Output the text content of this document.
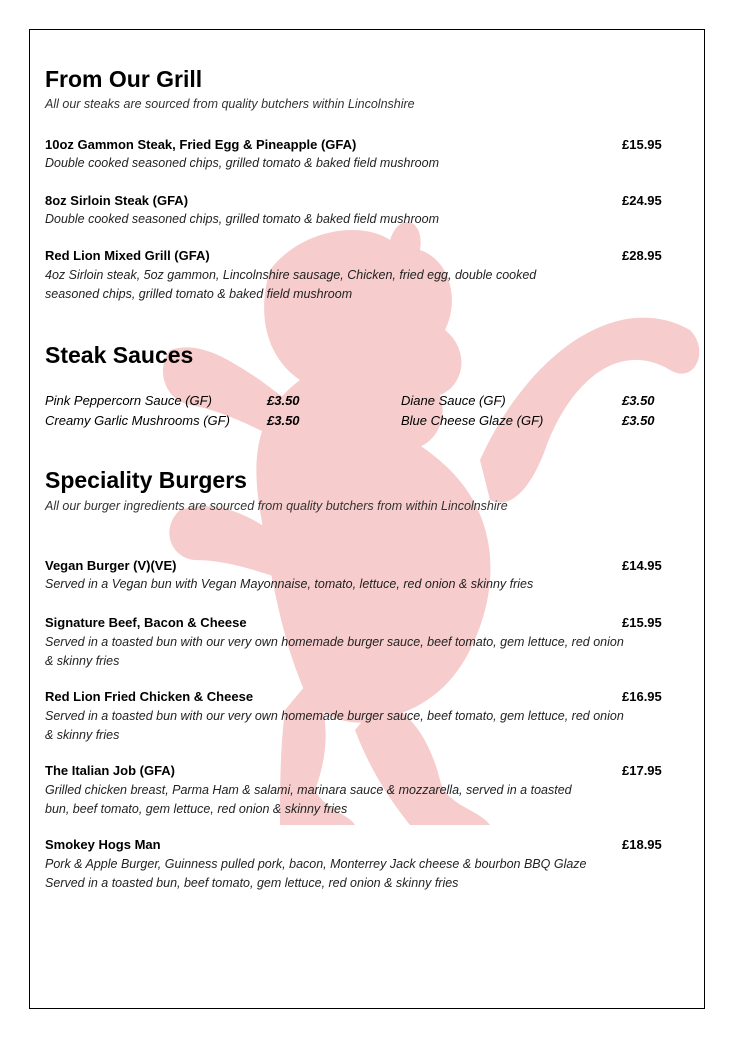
From Our Grill
All our steaks are sourced from quality butchers within Lincolnshire
10oz Gammon Steak, Fried Egg & Pineapple (GFA)	£15.95
Double cooked seasoned chips, grilled tomato & baked field mushroom
8oz Sirloin Steak (GFA)	£24.95
Double cooked seasoned chips, grilled tomato & baked field mushroom
Red Lion Mixed Grill (GFA)	£28.95
4oz Sirloin steak, 5oz gammon, Lincolnshire sausage, Chicken, fried egg, double cooked seasoned chips, grilled tomato & baked field mushroom
Steak Sauces
Pink Peppercorn Sauce (GF)	£3.50	Diane Sauce (GF)	£3.50
Creamy Garlic Mushrooms (GF)	£3.50	Blue Cheese Glaze (GF)	£3.50
Speciality Burgers
All our burger ingredients are sourced from quality butchers from within Lincolnshire
Vegan Burger (V)(VE)	£14.95
Served in a Vegan bun with Vegan Mayonnaise, tomato, lettuce, red onion & skinny fries
Signature Beef, Bacon & Cheese	£15.95
Served in a toasted bun with our very own homemade burger sauce, beef tomato, gem lettuce, red onion & skinny fries
Red Lion Fried Chicken & Cheese	£16.95
Served in a toasted bun with our very own homemade burger sauce, beef tomato, gem lettuce, red onion & skinny fries
The Italian Job (GFA)	£17.95
Grilled chicken breast, Parma Ham & salami, marinara sauce & mozzarella, served in a toasted bun, beef tomato, gem lettuce, red onion & skinny fries
Smokey Hogs Man	£18.95
Pork & Apple Burger, Guinness pulled pork, bacon, Monterrey Jack cheese & bourbon BBQ Glaze
Served in a toasted bun, beef tomato, gem lettuce, red onion & skinny fries
